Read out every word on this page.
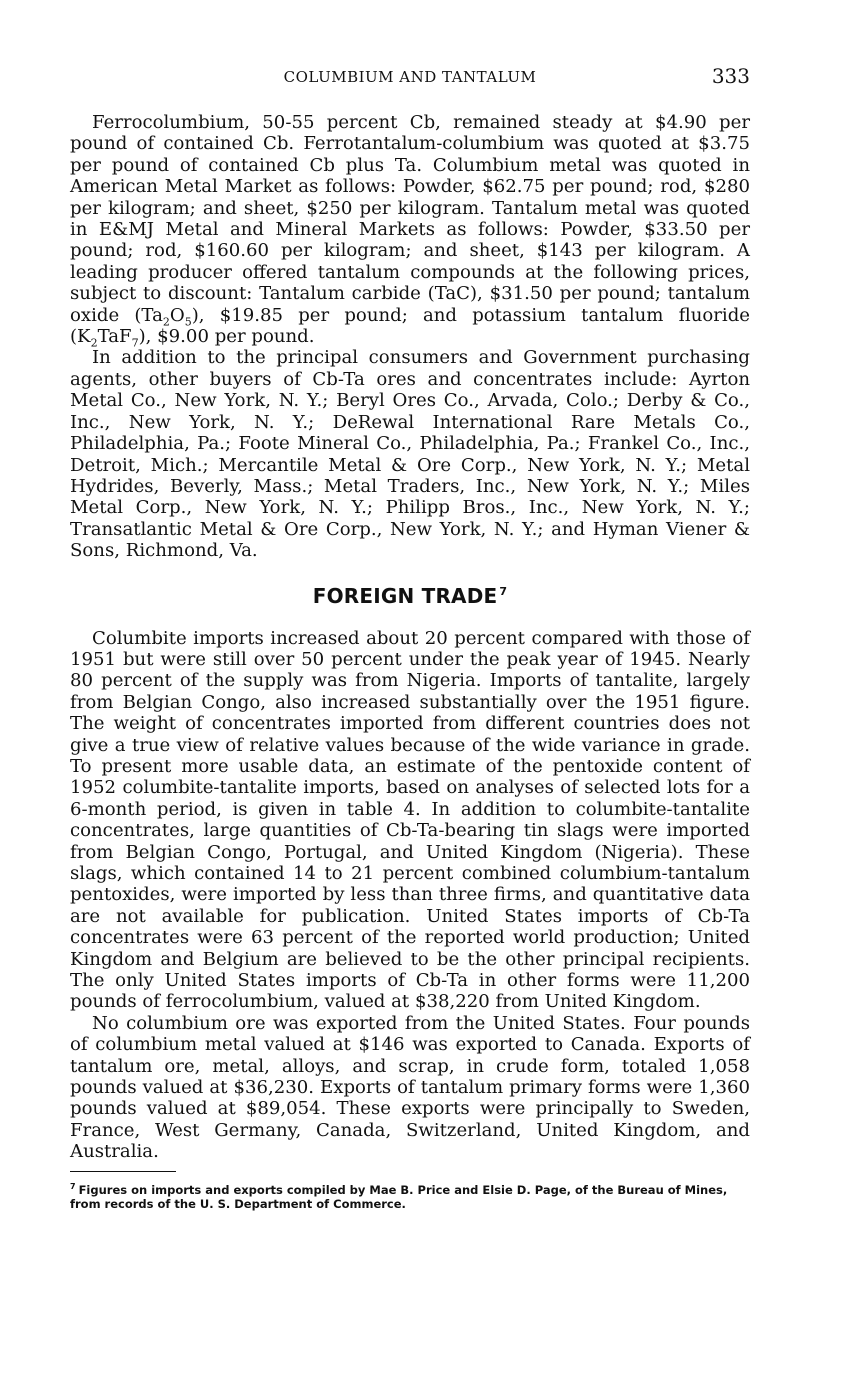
COLUMBIUM AND TANTALUM	333

Ferrocolumbium, 50-55 percent Cb, remained steady at $4.90 per pound of contained Cb. Ferrotantalum-columbium was quoted at $3.75 per pound of contained Cb plus Ta. Columbium metal was quoted in American Metal Market as follows: Powder, $62.75 per pound; rod, $280 per kilogram; and sheet, $250 per kilogram. Tantalum metal was quoted in E&MJ Metal and Mineral Markets as follows: Powder, $33.50 per pound; rod, $160.60 per kilogram; and sheet, $143 per kilogram. A leading producer offered tantalum compounds at the following prices, subject to discount: Tantalum carbide (TaC), $31.50 per pound; tantalum oxide $(Ta_2O_5)$, $19.85 per pound; and potassium tantalum fluoride $(K_2TaF_7)$, $9.00 per pound.

In addition to the principal consumers and Government purchasing agents, other buyers of Cb-Ta ores and concentrates include: Ayrton Metal Co., New York, N. Y.; Beryl Ores Co., Arvada, Colo.; Derby & Co., Inc., New York, N. Y.; DeRewal International Rare Metals Co., Philadelphia, Pa.; Foote Mineral Co., Philadelphia, Pa.; Frankel Co., Inc., Detroit, Mich.; Mercantile Metal & Ore Corp., New York, N. Y.; Metal Hydrides, Beverly, Mass.; Metal Traders, Inc., New York, N. Y.; Miles Metal Corp., New York, N. Y.; Philipp Bros., Inc., New York, N. Y.; Transatlantic Metal & Ore Corp., New York, N. Y.; and Hyman Viener & Sons, Richmond, Va.

FOREIGN TRADE $^7$

Columbite imports increased about 20 percent compared with those of 1951 but were still over 50 percent under the peak year of 1945. Nearly 80 percent of the supply was from Nigeria. Imports of tantalite, largely from Belgian Congo, also increased substantially over the 1951 figure. The weight of concentrates imported from different countries does not give a true view of relative values because of the wide variance in grade. To present more usable data, an estimate of the pentoxide content of 1952 columbite-tantalite imports, based on analyses of selected lots for a 6-month period, is given in table 4. In addition to columbite-tantalite concentrates, large quantities of Cb-Ta-bearing tin slags were imported from Belgian Congo, Portugal, and United Kingdom (Nigeria). These slags, which contained 14 to 21 percent combined columbium-tantalum pentoxides, were imported by less than three firms, and quantitative data are not available for publication. United States imports of Cb-Ta concentrates were 63 percent of the reported world production; United Kingdom and Belgium are believed to be the other principal recipients. The only United States imports of Cb-Ta in other forms were 11,200 pounds of ferrocolumbium, valued at $38,220 from United Kingdom.

No columbium ore was exported from the United States. Four pounds of columbium metal valued at $146 was exported to Canada. Exports of tantalum ore, metal, alloys, and scrap, in crude form, totaled 1,058 pounds valued at $36,230. Exports of tantalum primary forms were 1,360 pounds valued at $89,054. These exports were principally to Sweden, France, West Germany, Canada, Switzerland, United Kingdom, and Australia.

$^7$ Figures on imports and exports compiled by Mae B. Price and Elsie D. Page, of the Bureau of Mines, from records of the U. S. Department of Commerce.
